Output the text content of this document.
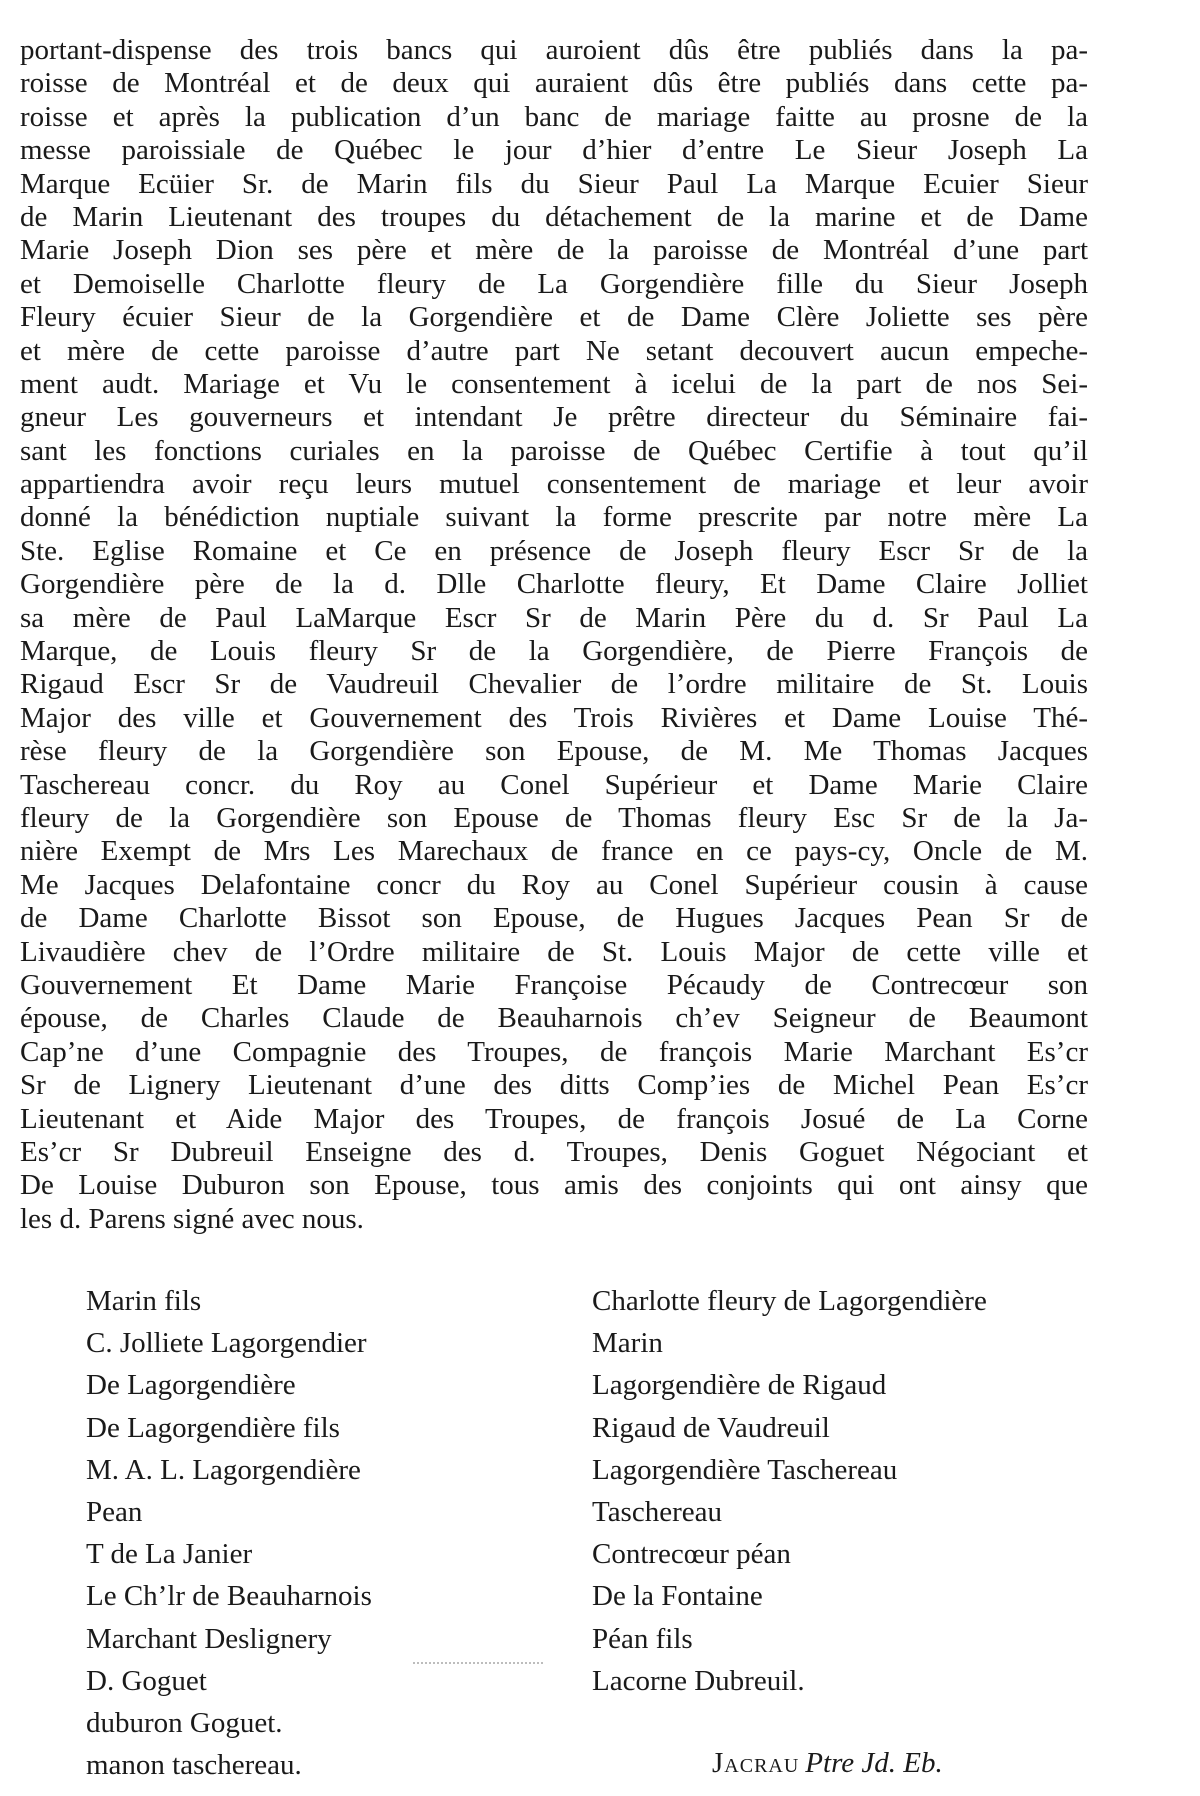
portant-dispense des trois bancs qui auroient dûs être publiés dans la pa-
roisse de Montréal et de deux qui auraient dûs être publiés dans cette pa-
roisse et après la publication d’un banc de mariage faitte au prosne de la
messe paroissiale de Québec le jour d’hier d’entre Le Sieur Joseph La
Marque Ecüier Sr. de Marin fils du Sieur Paul La Marque Ecuier Sieur
de Marin Lieutenant des troupes du détachement de la marine et de Dame
Marie Joseph Dion ses père et mère de la paroisse de Montréal d’une part
et Demoiselle Charlotte fleury de La Gorgendière fille du Sieur Joseph
Fleury écuier Sieur de la Gorgendière et de Dame Clère Joliette ses père
et mère de cette paroisse d’autre part Ne setant decouvert aucun empeche-
ment audt. Mariage et Vu le consentement à icelui de la part de nos Sei-
gneur Les gouverneurs et intendant Je prêtre directeur du Séminaire fai-
sant les fonctions curiales en la paroisse de Québec Certifie à tout qu’il
appartiendra avoir reçu leurs mutuel consentement de mariage et leur avoir
donné la bénédiction nuptiale suivant la forme prescrite par notre mère La
Ste. Eglise Romaine et Ce en présence de Joseph fleury Escr Sr de la
Gorgendière père de la d. Dlle Charlotte fleury, Et Dame Claire Jolliet
sa mère de Paul LaMarque Escr Sr de Marin Père du d. Sr Paul La
Marque, de Louis fleury Sr de la Gorgendière, de Pierre François de
Rigaud Escr Sr de Vaudreuil Chevalier de l’ordre militaire de St. Louis
Major des ville et Gouvernement des Trois Rivières et Dame Louise Thé-
rèse fleury de la Gorgendière son Epouse, de M. Me Thomas Jacques
Taschereau concr. du Roy au Conel Supérieur et Dame Marie Claire
fleury de la Gorgendière son Epouse de Thomas fleury Esc Sr de la Ja-
nière Exempt de Mrs Les Marechaux de france en ce pays-cy, Oncle de M.
Me Jacques Delafontaine concr du Roy au Conel Supérieur cousin à cause
de Dame Charlotte Bissot son Epouse, de Hugues Jacques Pean Sr de
Livaudière chev de l’Ordre militaire de St. Louis Major de cette ville et
Gouvernement Et Dame Marie Françoise Pécaudy de Contrecœur son
épouse, de Charles Claude de Beauharnois ch’ev Seigneur de Beaumont
Cap’ne d’une Compagnie des Troupes, de françois Marie Marchant Es’cr
Sr de Lignery Lieutenant d’une des ditts Comp’ies de Michel Pean Es’cr
Lieutenant et Aide Major des Troupes, de françois Josué de La Corne
Es’cr Sr Dubreuil Enseigne des d. Troupes, Denis Goguet Négociant et
De Louise Duburon son Epouse, tous amis des conjoints qui ont ainsy que
les d. Parens signé avec nous.
Marin fils
C. Jolliete Lagorgendier
De Lagorgendière
De Lagorgendière fils
M. A. L. Lagorgendière
Pean
T de La Janier
Le Ch’lr de Beauharnois
Marchant Deslignery
D. Goguet
duburon Goguet.
manon taschereau.
Charlotte fleury de Lagorgendière
Marin
Lagorgendière de Rigaud
Rigaud de Vaudreuil
Lagorgendière Taschereau
Taschereau
Contrecœur péan
De la Fontaine
Péan fils
Lacorne Dubreuil.
Jacrau Ptre Jd. Eb.
